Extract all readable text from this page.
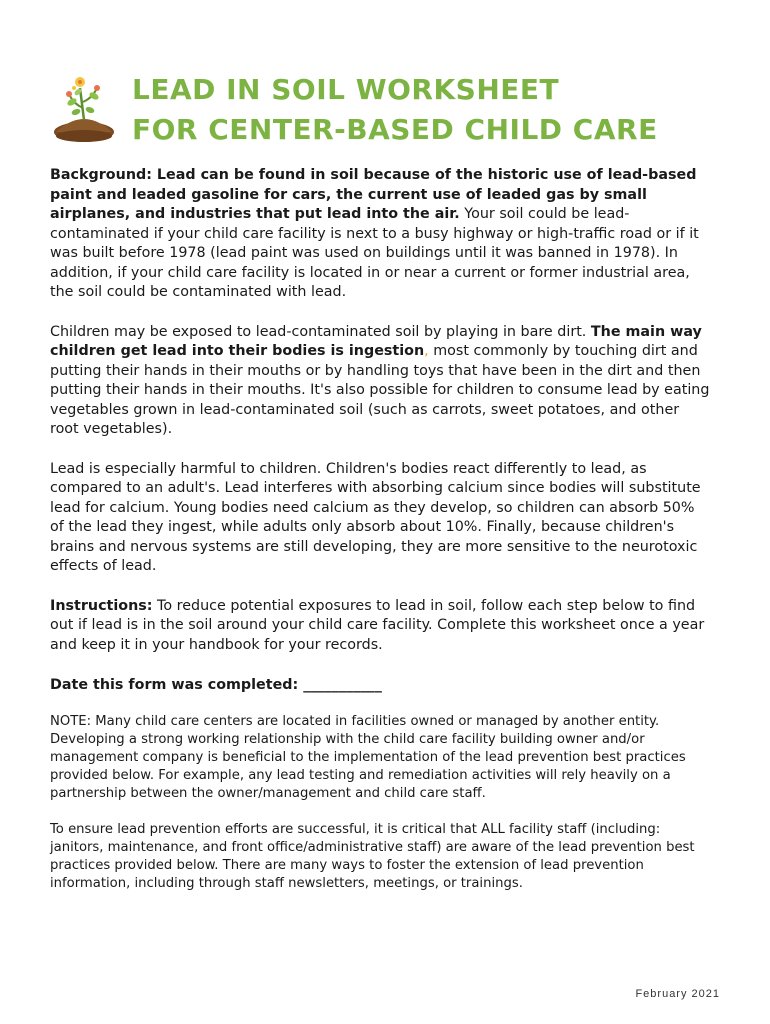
LEAD IN SOIL WORKSHEET
FOR CENTER-BASED CHILD CARE

Background: Lead can be found in soil because of the historic use of lead-based paint and leaded gasoline for cars, the current use of leaded gas by small airplanes, and industries that put lead into the air. Your soil could be lead-contaminated if your child care facility is next to a busy highway or high-traffic road or if it was built before 1978 (lead paint was used on buildings until it was banned in 1978). In addition, if your child care facility is located in or near a current or former industrial area, the soil could be contaminated with lead.

Children may be exposed to lead-contaminated soil by playing in bare dirt. The main way children get lead into their bodies is ingestion, most commonly by touching dirt and putting their hands in their mouths or by handling toys that have been in the dirt and then putting their hands in their mouths. It's also possible for children to consume lead by eating vegetables grown in lead-contaminated soil (such as carrots, sweet potatoes, and other root vegetables).

Lead is especially harmful to children. Children's bodies react differently to lead, as compared to an adult's. Lead interferes with absorbing calcium since bodies will substitute lead for calcium. Young bodies need calcium as they develop, so children can absorb 50% of the lead they ingest, while adults only absorb about 10%. Finally, because children's brains and nervous systems are still developing, they are more sensitive to the neurotoxic effects of lead.

Instructions: To reduce potential exposures to lead in soil, follow each step below to find out if lead is in the soil around your child care facility. Complete this worksheet once a year and keep it in your handbook for your records.

Date this form was completed: ___________

NOTE: Many child care centers are located in facilities owned or managed by another entity. Developing a strong working relationship with the child care facility building owner and/or management company is beneficial to the implementation of the lead prevention best practices provided below. For example, any lead testing and remediation activities will rely heavily on a partnership between the owner/management and child care staff.

To ensure lead prevention efforts are successful, it is critical that ALL facility staff (including: janitors, maintenance, and front office/administrative staff) are aware of the lead prevention best practices provided below. There are many ways to foster the extension of lead prevention information, including through staff newsletters, meetings, or trainings.

February 2021
